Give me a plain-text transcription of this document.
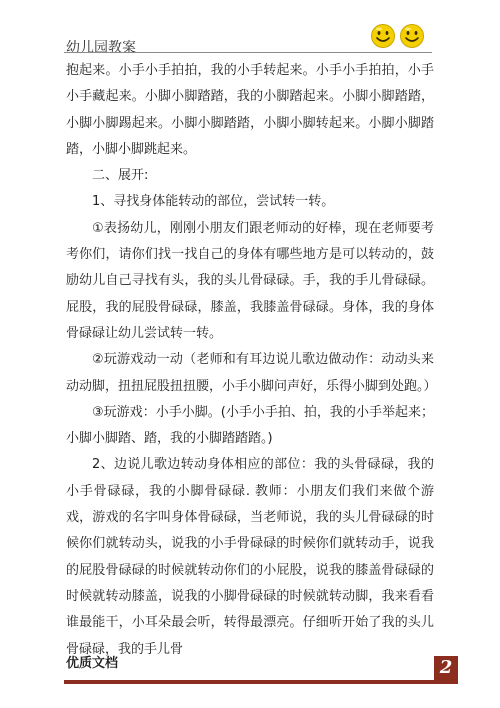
幼儿园教案

抱起来。小手小手拍拍，我的小手转起来。小手小手拍拍，小手小手藏起来。小脚小脚踏踏，我的小脚踏起来。小脚小脚踏踏，小脚小脚踢起来。小脚小脚踏踏，小脚小脚转起来。小脚小脚踏踏，小脚小脚跳起来。

二、展开:

1、寻找身体能转动的部位，尝试转一转。

①表扬幼儿，刚刚小朋友们跟老师动的好棒，现在老师要考考你们，请你们找一找自己的身体有哪些地方是可以转动的，鼓励幼儿自己寻找有头，我的头儿骨碌碌。手，我的手儿骨碌碌。屁股，我的屁股骨碌碌，膝盖，我膝盖骨碌碌。身体，我的身体骨碌碌让幼儿尝试转一转。

②玩游戏动一动（老师和有耳边说儿歌边做动作：动动头来动动脚，扭扭屁股扭扭腰，小手小脚问声好，乐得小脚到处跑。）

③玩游戏：小手小脚。(小手小手拍、拍，我的小手举起来；小脚小脚踏、踏，我的小脚踏踏踏。)

2、边说儿歌边转动身体相应的部位：我的头骨碌碌，我的小手骨碌碌，我的小脚骨碌碌. 教师：小朋友们我们来做个游戏，游戏的名字叫身体骨碌碌，当老师说，我的头儿骨碌碌的时候你们就转动头，说我的小手骨碌碌的时候你们就转动手，说我的屁股骨碌碌的时候就转动你们的小屁股，说我的膝盖骨碌碌的时候就转动膝盖，说我的小脚骨碌碌的时候就转动脚，我来看看谁最能干，小耳朵最会听，转得最漂亮。仔细听开始了我的头儿骨碌碌，我的手儿骨

优质文档	2
